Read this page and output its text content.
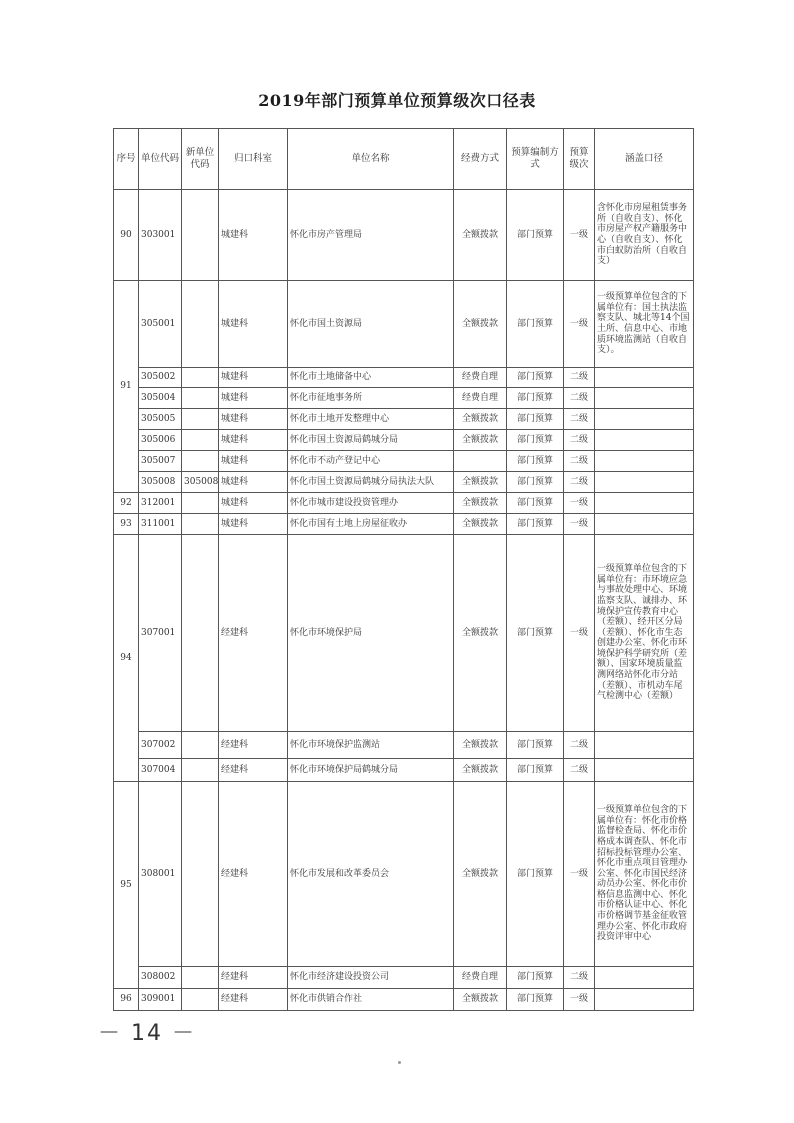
2019年部门预算单位预算级次口径表
序号	单位代码	新单位代码	归口科室	单位名称	经费方式	预算编制方式	预算级次	涵盖口径
90	303001		城建科	怀化市房产管理局	全额拨款	部门预算	一级	含怀化市房屋租赁事务所（自收自支）、怀化市房屋产权产籍服务中心（自收自支）、怀化市白蚁防治所（自收自支）
91	305001		城建科	怀化市国土资源局	全额拨款	部门预算	一级	一级预算单位包含的下属单位有：国土执法监察支队、城北等14个国土所、信息中心、市地质环境监测站（自收自支）。
	305002		城建科	怀化市土地储备中心	经费自理	部门预算	二级	
	305004		城建科	怀化市征地事务所	经费自理	部门预算	二级	
	305005		城建科	怀化市土地开发整理中心	全额拨款	部门预算	二级	
	305006		城建科	怀化市国土资源局鹤城分局	全额拨款	部门预算	二级	
	305007		城建科	怀化市不动产登记中心		部门预算	二级	
	305008	305008	城建科	怀化市国土资源局鹤城分局执法大队	全额拨款	部门预算	二级	
92	312001		城建科	怀化市城市建设投资管理办	全额拨款	部门预算	一级	
93	311001		城建科	怀化市国有土地上房屋征收办	全额拨款	部门预算	一级	
94	307001		经建科	怀化市环境保护局	全额拨款	部门预算	一级	一级预算单位包含的下属单位有：市环境应急与事故处理中心、环境监察支队、诚排办、环境保护宣传教育中心（差额）、经开区分局（差额）、怀化市生态创建办公室、怀化市环境保护科学研究所（差额）、国家环境质量监测网络站怀化市分站（差额）、市机动车尾气检测中心（差额）
	307002		经建科	怀化市环境保护监测站	全额拨款	部门预算	二级	
	307004		经建科	怀化市环境保护局鹤城分局	全额拨款	部门预算	二级	
95	308001		经建科	怀化市发展和改革委员会	全额拨款	部门预算	一级	一级预算单位包含的下属单位有：怀化市价格监督检查局、怀化市价格成本调查队、怀化市招标投标管理办公室、怀化市重点项目管理办公室、怀化市国民经济动员办公室、怀化市价格信息监测中心、怀化市价格认证中心、怀化市价格调节基金征收管理办公室、怀化市政府投资评审中心
	308002		经建科	怀化市经济建设投资公司	经费自理	部门预算	二级	
96	309001		经建科	怀化市供销合作社	全额拨款	部门预算	一级	
－ 14 －
